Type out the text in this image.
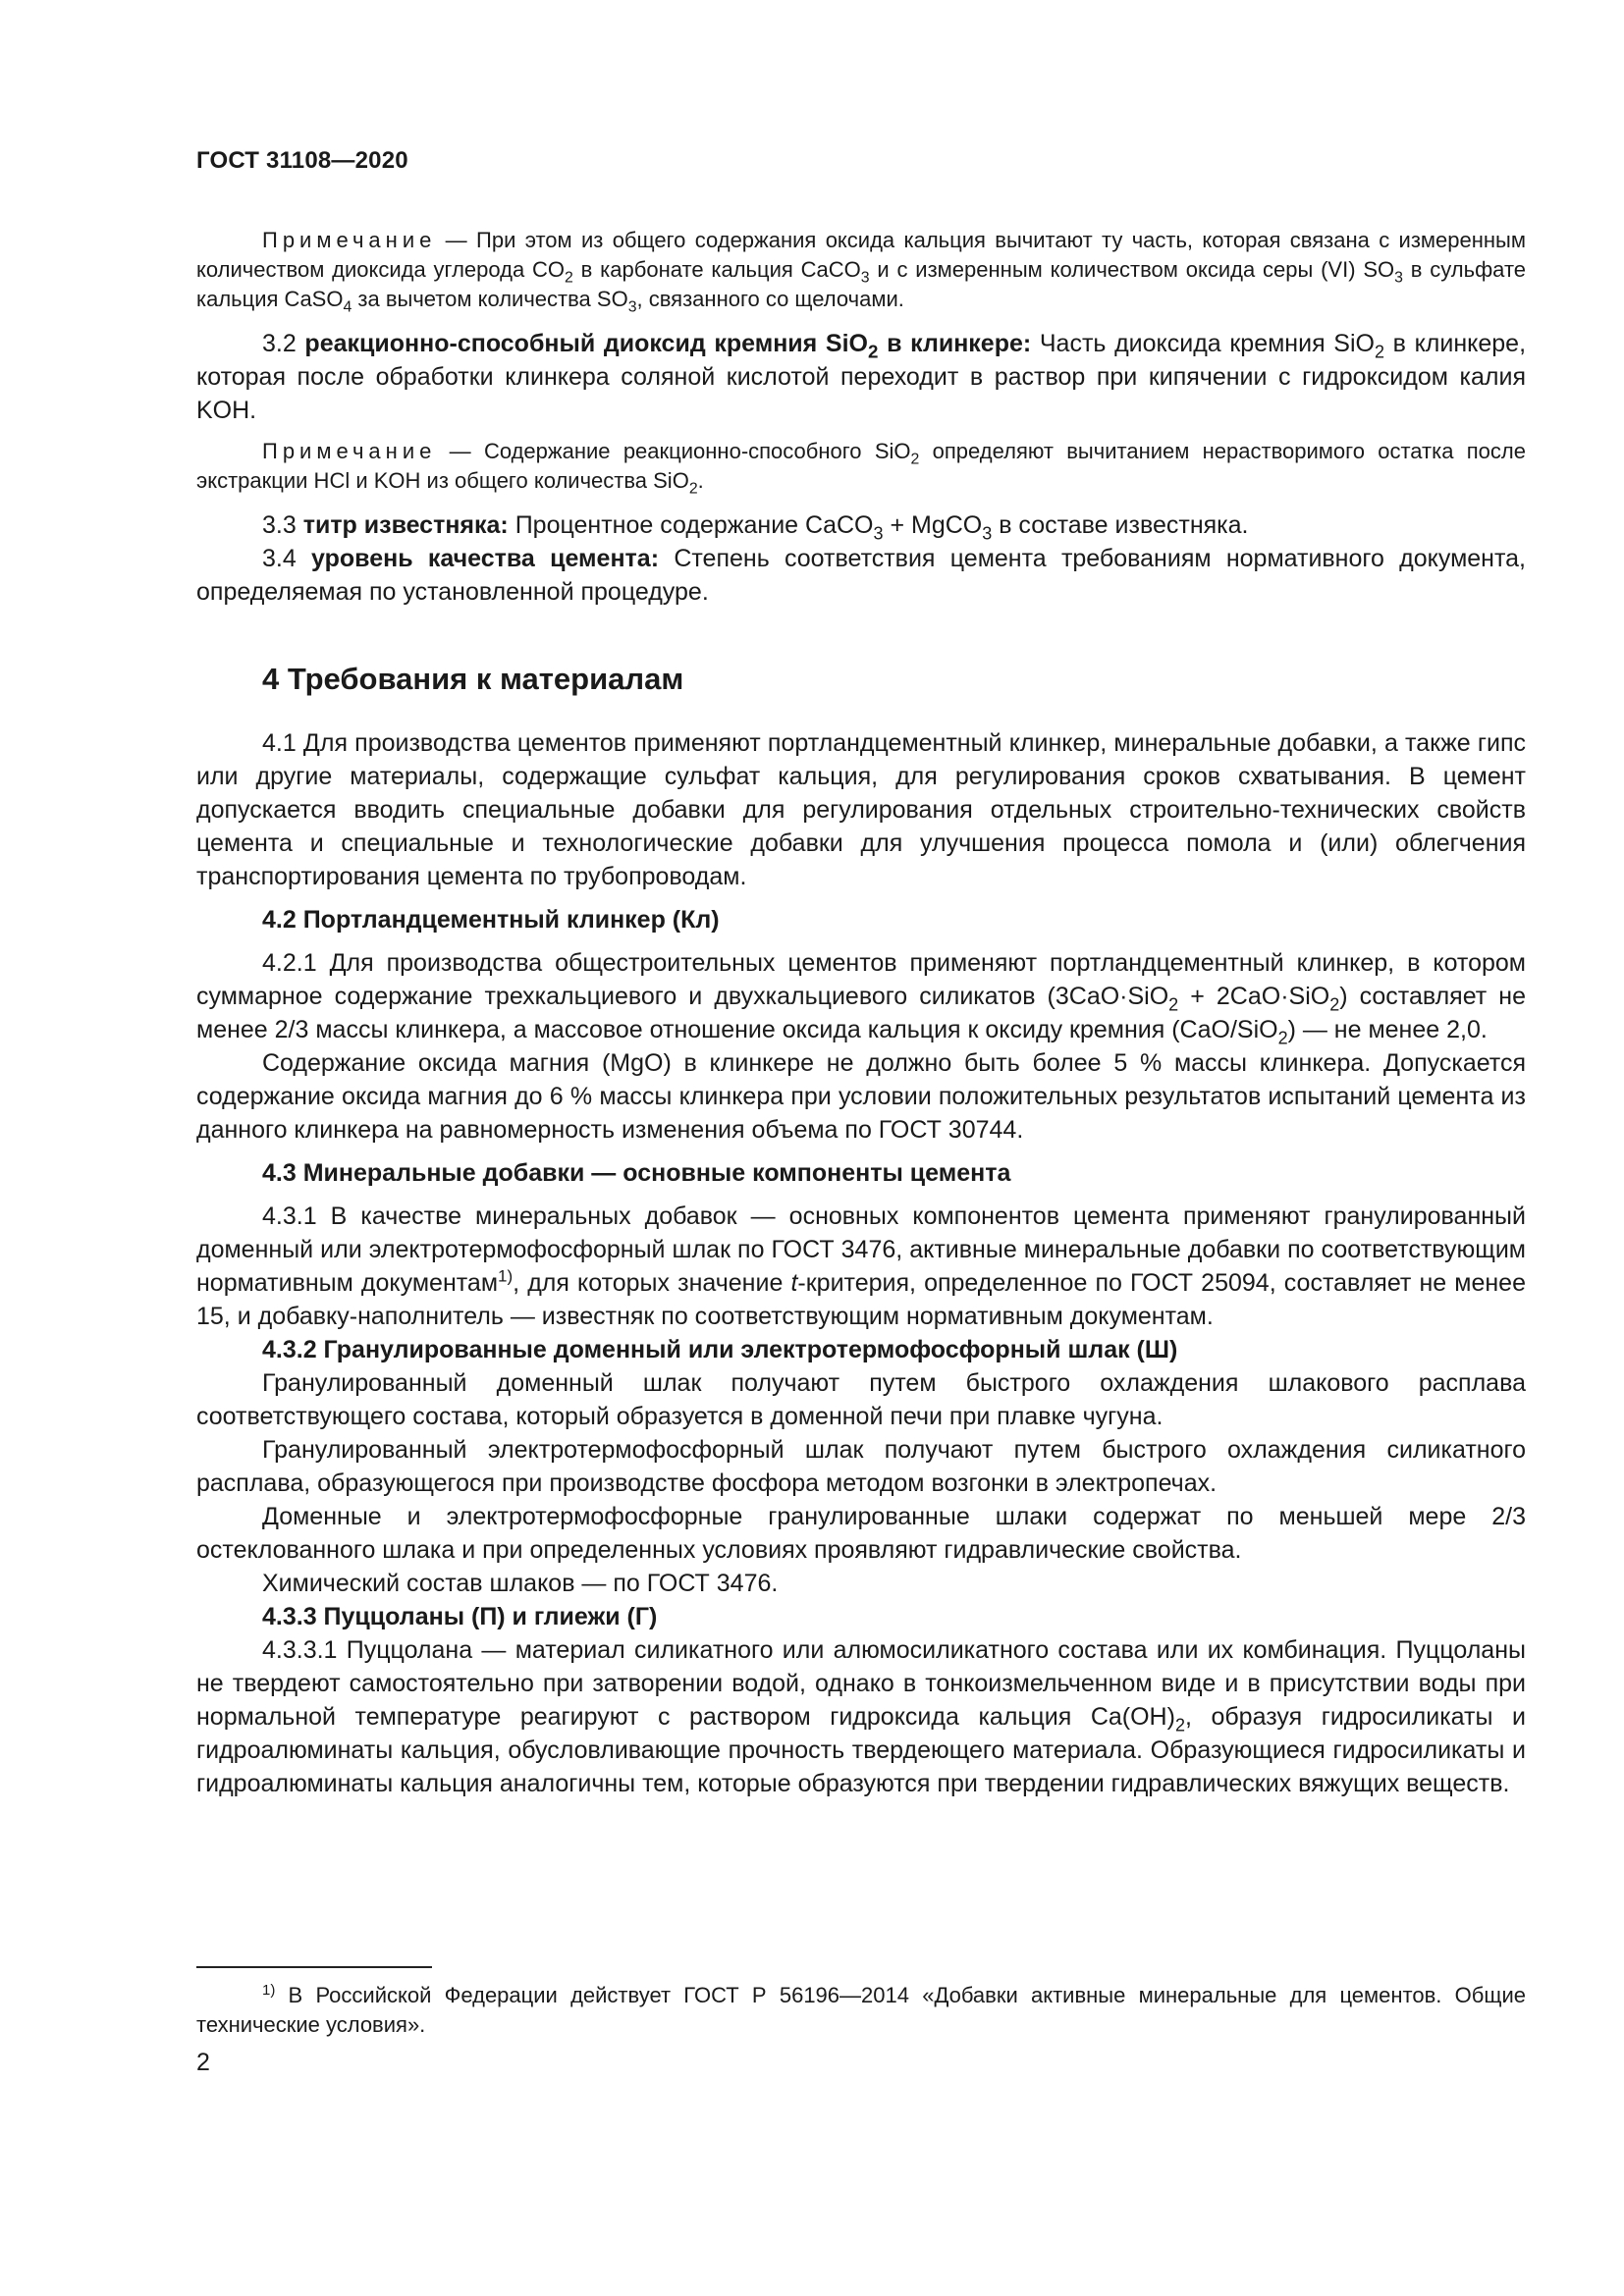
ГОСТ 31108—2020
Примечание — При этом из общего содержания оксида кальция вычитают ту часть, которая связана с измеренным количеством диоксида углерода $CO_2$ в карбонате кальция CaCO$_3$ и с измеренным количеством оксида серы (VI) $SO_3$ в сульфате кальция CaSO$_4$ за вычетом количества $SO_3$, связанного со щелочами.
3.2 реакционно-способный диоксид кремния SiO$_2$ в клинкере: Часть диоксида кремния SiO$_2$ в клинкере, которая после обработки клинкера соляной кислотой переходит в раствор при кипячении с гидроксидом калия KOH.
Примечание — Содержание реакционно-способного SiO$_2$ определяют вычитанием нерастворимого остатка после экстракции HCl и KOH из общего количества SiO$_2$.
3.3 титр известняка: Процентное содержание CaCO$_3$ + MgCO$_3$ в составе известняка.
3.4 уровень качества цемента: Степень соответствия цемента требованиям нормативного документа, определяемая по установленной процедуре.
4 Требования к материалам
4.1 Для производства цементов применяют портландцементный клинкер, минеральные добавки, а также гипс или другие материалы, содержащие сульфат кальция, для регулирования сроков схватывания. В цемент допускается вводить специальные добавки для регулирования отдельных строительно-технических свойств цемента и специальные и технологические добавки для улучшения процесса помола и (или) облегчения транспортирования цемента по трубопроводам.
4.2 Портландцементный клинкер (Кл)
4.2.1 Для производства общестроительных цементов применяют портландцементный клинкер, в котором суммарное содержание трехкальциевого и двухкальциевого силикатов (3CaO·SiO$_2$ + 2CaO·SiO$_2$) составляет не менее 2/3 массы клинкера, а массовое отношение оксида кальция к оксиду кремния (CaO/SiO$_2$) — не менее 2,0.
Содержание оксида магния (MgO) в клинкере не должно быть более 5 % массы клинкера. Допускается содержание оксида магния до 6 % массы клинкера при условии положительных результатов испытаний цемента из данного клинкера на равномерность изменения объема по ГОСТ 30744.
4.3 Минеральные добавки — основные компоненты цемента
4.3.1 В качестве минеральных добавок — основных компонентов цемента применяют гранулированный доменный или электротермофосфорный шлак по ГОСТ 3476, активные минеральные добавки по соответствующим нормативным документам$^{1)}$, для которых значение t-критерия, определенное по ГОСТ 25094, составляет не менее 15, и добавку-наполнитель — известняк по соответствующим нормативным документам.
4.3.2 Гранулированные доменный или электротермофосфорный шлак (Ш)
Гранулированный доменный шлак получают путем быстрого охлаждения шлакового расплава соответствующего состава, который образуется в доменной печи при плавке чугуна.
Гранулированный электротермофосфорный шлак получают путем быстрого охлаждения силикатного расплава, образующегося при производстве фосфора методом возгонки в электропечах.
Доменные и электротермофосфорные гранулированные шлаки содержат по меньшей мере 2/3 остеклованного шлака и при определенных условиях проявляют гидравлические свойства.
Химический состав шлаков — по ГОСТ 3476.
4.3.3 Пуццоланы (П) и глиежи (Г)
4.3.3.1 Пуццолана — материал силикатного или алюмосиликатного состава или их комбинация. Пуццоланы не твердеют самостоятельно при затворении водой, однако в тонкоизмельченном виде и в присутствии воды при нормальной температуре реагируют с раствором гидроксида кальция $Ca(OH)_2$, образуя гидросиликаты и гидроалюминаты кальция, обусловливающие прочность твердеющего материала. Образующиеся гидросиликаты и гидроалюминаты кальция аналогичны тем, которые образуются при твердении гидравлических вяжущих веществ.
$^{1)}$ В Российской Федерации действует ГОСТ Р 56196—2014 «Добавки активные минеральные для цементов. Общие технические условия».
2
